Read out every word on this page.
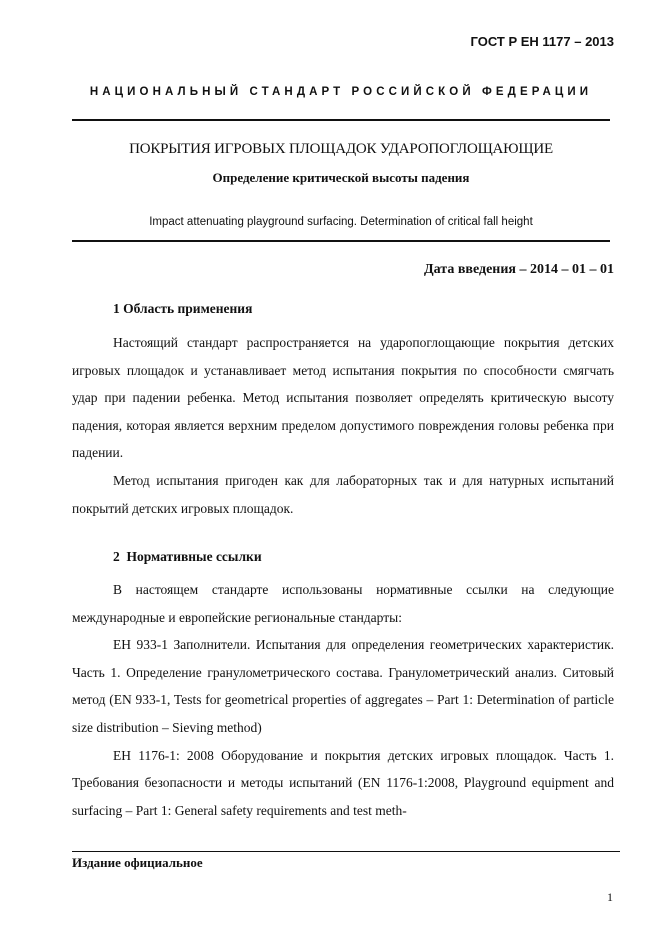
ГОСТ Р ЕН 1177 – 2013
НАЦИОНАЛЬНЫЙ СТАНДАРТ РОССИЙСКОЙ ФЕДЕРАЦИИ
ПОКРЫТИЯ ИГРОВЫХ ПЛОЩАДОК УДАРОПОГЛОЩАЮЩИЕ
Определение критической высоты падения
Impact attenuating playground surfacing. Determination of critical fall height
Дата введения – 2014 – 01 – 01
1 Область применения

Настоящий стандарт распространяется на ударопоглощающие покрытия детских игровых площадок и устанавливает метод испытания покрытия по способности смягчать удар при падении ребенка. Метод испытания позволяет определять критическую высоту падения, которая является верхним пределом допустимого повреждения головы ребенка при падении.

Метод испытания пригоден как для лабораторных так и для натурных испытаний покрытий детских игровых площадок.

2  Нормативные ссылки

В настоящем стандарте использованы нормативные ссылки на следующие международные и европейские региональные стандарты:

ЕН 933-1 Заполнители. Испытания для определения геометрических характеристик. Часть 1. Определение гранулометрического состава. Гранулометрический анализ. Ситовый метод (EN 933-1, Tests for geometrical properties of aggregates – Part 1: Determination of particle size distribution – Sieving method)

ЕН 1176-1: 2008 Оборудование и покрытия детских игровых площадок. Часть 1. Требования безопасности и методы испытаний (EN 1176-1:2008, Playground equipment and surfacing – Part 1: General safety requirements and test meth-

Издание официальное
1
